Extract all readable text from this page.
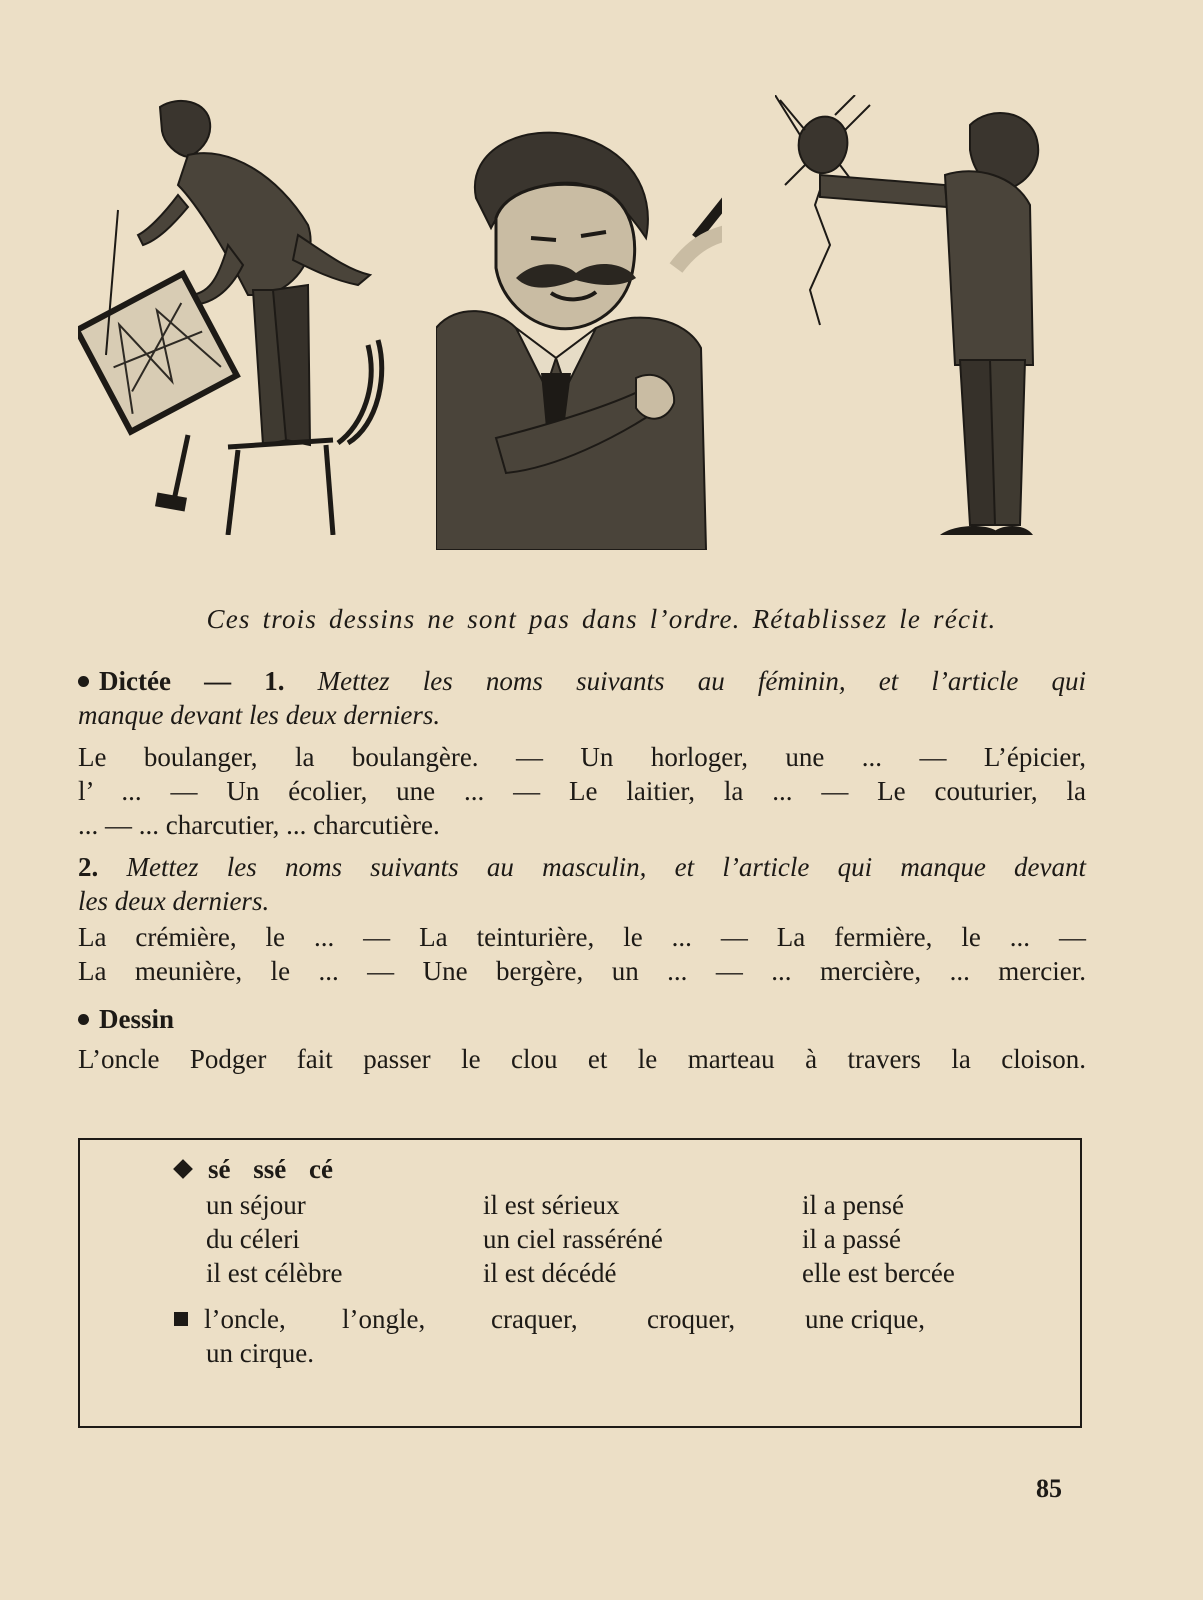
Ces trois dessins ne sont pas dans l’ordre. Rétablissez le récit.
Dictée — 1. Mettez les noms suivants au féminin, et l’article qui
manque devant les deux derniers.
Le boulanger, la boulangère. — Un horloger, une ... — L’épicier,
l’ ... — Un écolier, une ... — Le laitier, la ... — Le couturier, la
... — ... charcutier, ... charcutière.
2. Mettez les noms suivants au masculin, et l’article qui manque devant
les deux derniers.
La crémière, le ... — La teinturière, le ... — La fermière, le ... —
La meunière, le ... — Une bergère, un ... — ... mercière, ... mercier.
Dessin
L’oncle Podger fait passer le clou et le marteau à travers la cloison.
sé ssé cé
un séjour
du céleri
il est célèbre
il est sérieux
un ciel rasséréné
il est décédé
il a pensé
il a passé
elle est bercée
l’oncle, l’ongle, craquer,	croquer,	une crique,
un cirque.
85
